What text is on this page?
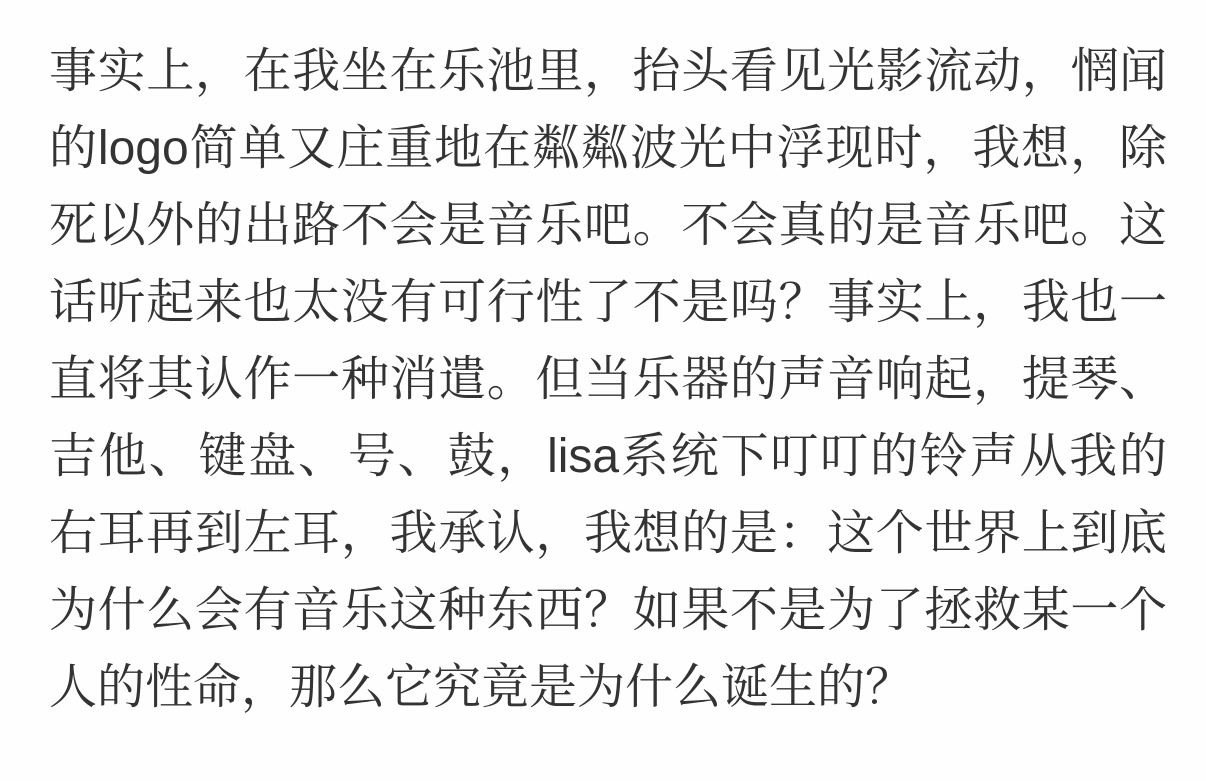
事实上，在我坐在乐池里，抬头看见光影流动，惘闻
的logo简单又庄重地在粼粼波光中浮现时，我想，除
死以外的出路不会是音乐吧。不会真的是音乐吧。这
话听起来也太没有可行性了不是吗？事实上，我也一
直将其认作一种消遣。但当乐器的声音响起，提琴、
吉他、键盘、号、鼓，lisa系统下叮叮的铃声从我的
右耳再到左耳，我承认，我想的是：这个世界上到底
为什么会有音乐这种东西？如果不是为了拯救某一个
人的性命，那么它究竟是为什么诞生的？
